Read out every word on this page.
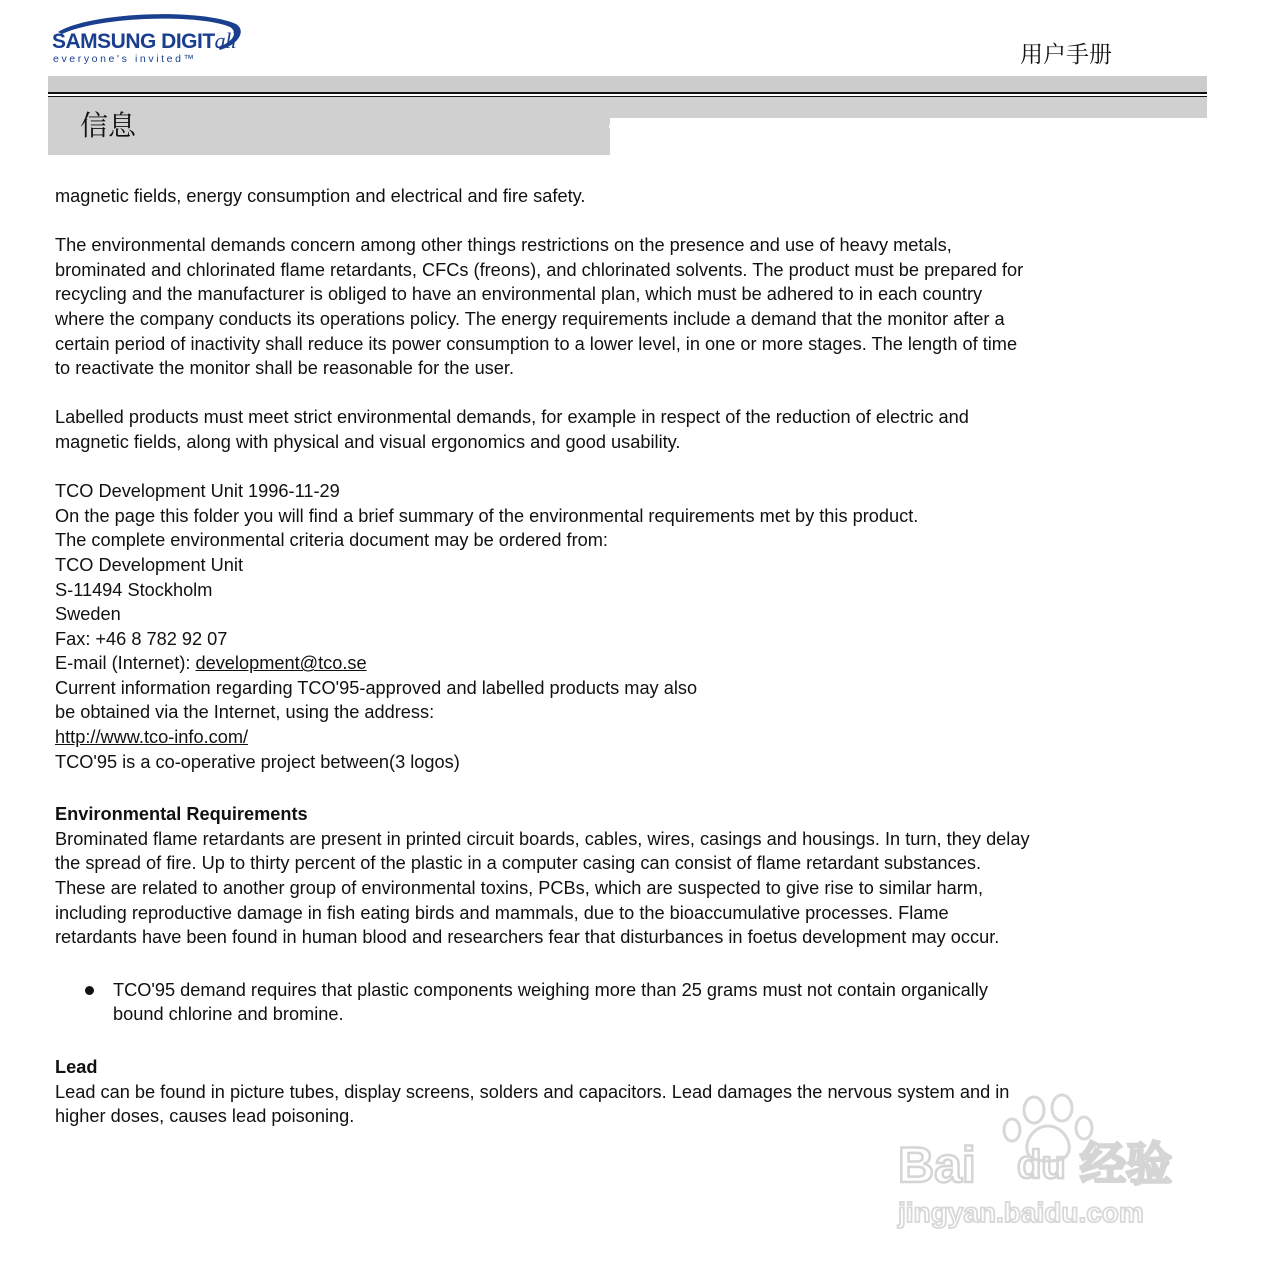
SAMSUNG DIGITall
everyone's invited™	用户手册
信息

magnetic fields, energy consumption and electrical and fire safety.

The environmental demands concern among other things restrictions on the presence and use of heavy metals, brominated and chlorinated flame retardants, CFCs (freons), and chlorinated solvents. The product must be prepared for recycling and the manufacturer is obliged to have an environmental plan, which must be adhered to in each country where the company conducts its operations policy. The energy requirements include a demand that the monitor after a certain period of inactivity shall reduce its power consumption to a lower level, in one or more stages. The length of time to reactivate the monitor shall be reasonable for the user.

Labelled products must meet strict environmental demands, for example in respect of the reduction of electric and magnetic fields, along with physical and visual ergonomics and good usability.

TCO Development Unit 1996-11-29

On the page this folder you will find a brief summary of the environmental requirements met by this product.

The complete environmental criteria document may be ordered from:

TCO Development Unit

S-11494 Stockholm

Sweden

Fax: +46 8 782 92 07

E-mail (Internet): development@tco.se

Current information regarding TCO'95-approved and labelled products may also

be obtained via the Internet, using the address:

http://www.tco-info.com/

TCO'95 is a co-operative project between(3 logos)

Environmental Requirements

Brominated flame retardants are present in printed circuit boards, cables, wires, casings and housings. In turn, they delay the spread of fire. Up to thirty percent of the plastic in a computer casing can consist of flame retardant substances. These are related to another group of environmental toxins, PCBs, which are suspected to give rise to similar harm, including reproductive damage in fish eating birds and mammals, due to the bioaccumulative processes. Flame retardants have been found in human blood and researchers fear that disturbances in foetus development may occur.

TCO'95 demand requires that plastic components weighing more than 25 grams must not contain organically bound chlorine and bromine.
Lead

Lead can be found in picture tubes, display screens, solders and capacitors. Lead damages the nervous system and in higher doses, causes lead poisoning.

Bai du 经验
jingyan.baidu.com
